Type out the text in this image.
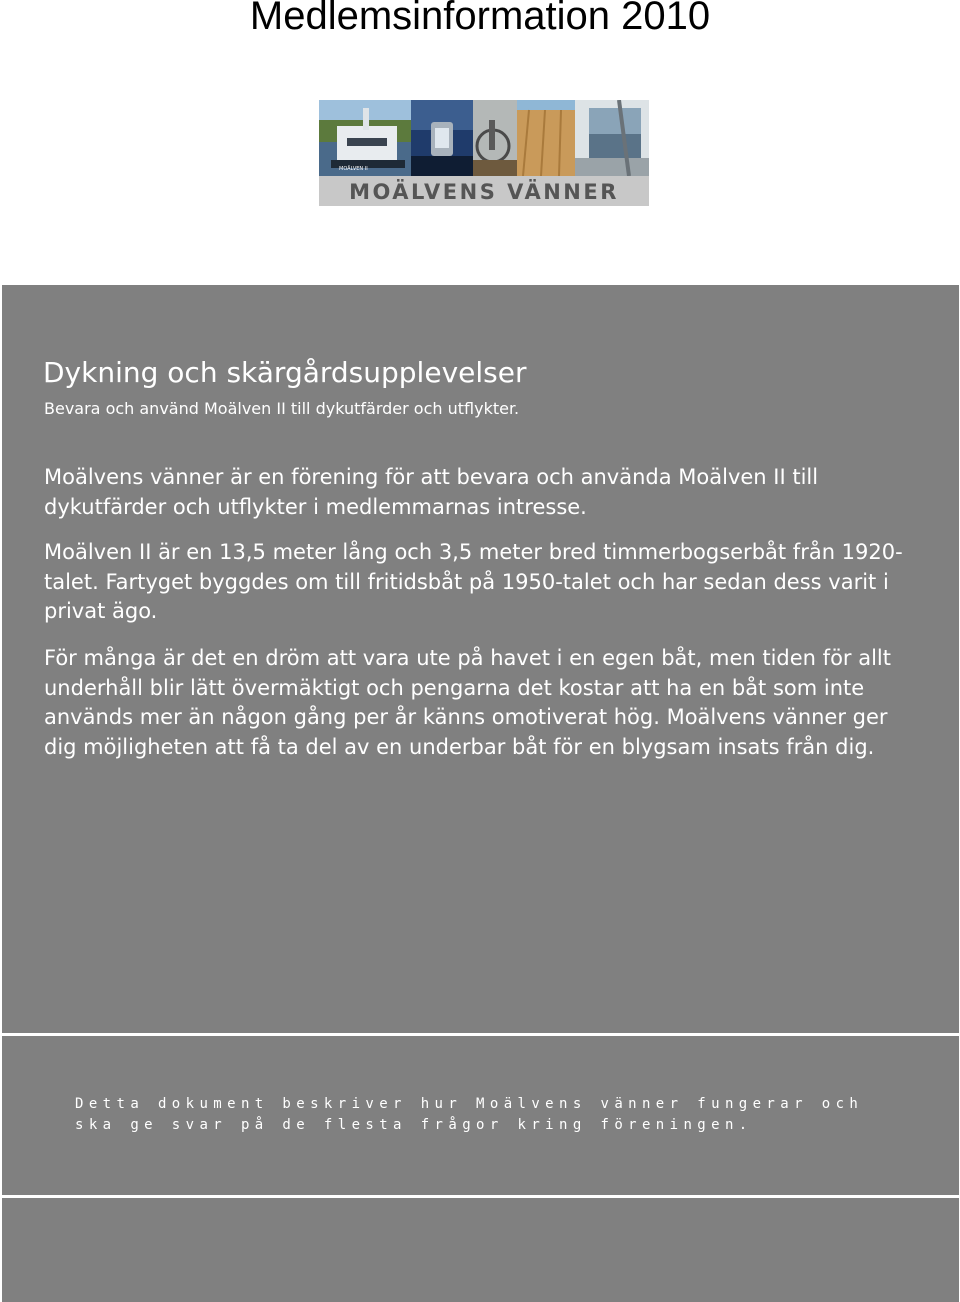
Medlemsinformation 2010
MOÄLVEN II
MOÄLVENS VÄNNER
Dykning och skärgårdsupplevelser

Bevara och använd Moälven II till dykutfärder och utflykter.

Moälvens vänner är en förening för att bevara och använda Moälven II till dykutfärder och utflykter i medlemmarnas intresse.

Moälven II är en 13,5 meter lång och 3,5 meter bred timmerbogserbåt från 1920-talet. Fartyget byggdes om till fritidsbåt på 1950-talet och har sedan dess varit i privat ägo.

För många är det en dröm att vara ute på havet i en egen båt, men tiden för allt underhåll blir lätt övermäktigt och pengarna det kostar att ha en båt som inte används mer än någon gång per år känns omotiverat hög. Moälvens vänner ger dig möjligheten att få ta del av en underbar båt för en blygsam insats från dig.

Detta dokument beskriver hur Moälvens vänner fungerar och ska ge svar på de flesta frågor kring föreningen.
